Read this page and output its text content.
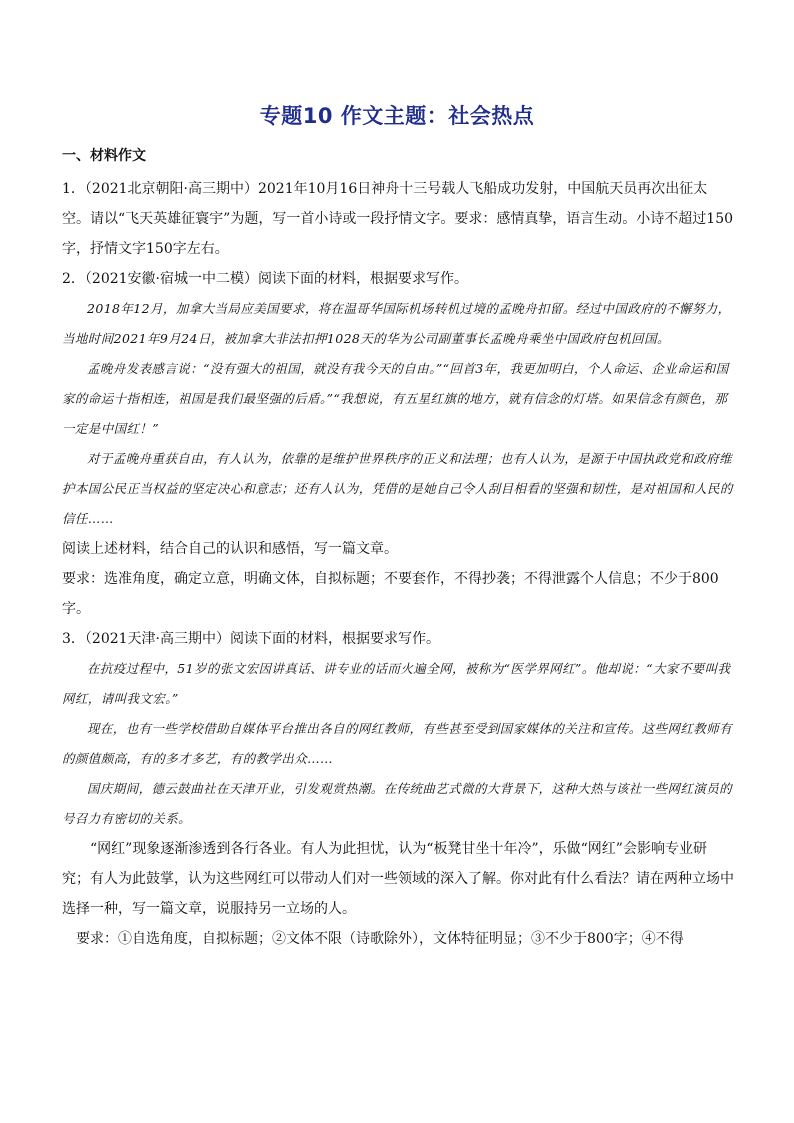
专题10 作文主题：社会热点
一、材料作文

1．（2021北京朝阳·高三期中）2021年10月16日神舟十三号载人飞船成功发射，中国航天员再次出征太空。请以“飞天英雄征寰宇”为题，写一首小诗或一段抒情文字。要求：感情真挚，语言生动。小诗不超过150字，抒情文字150字左右。

2．（2021安徽·宿城一中二模）阅读下面的材料，根据要求写作。

2018年12月，加拿大当局应美国要求，将在温哥华国际机场转机过境的孟晚舟扣留。经过中国政府的不懈努力，当地时间2021年9月24日，被加拿大非法扣押1028天的华为公司副董事长孟晚舟乘坐中国政府包机回国。

孟晚舟发表感言说：“没有强大的祖国，就没有我今天的自由。”“回首3年，我更加明白，个人命运、企业命运和国家的命运十指相连，祖国是我们最坚强的后盾。”“我想说，有五星红旗的地方，就有信念的灯塔。如果信念有颜色，那一定是中国红！”

对于孟晚舟重获自由，有人认为，依靠的是维护世界秩序的正义和法理；也有人认为，是源于中国执政党和政府维护本国公民正当权益的坚定决心和意志；还有人认为，凭借的是她自己令人刮目相看的坚强和韧性，是对祖国和人民的信任……

阅读上述材料，结合自己的认识和感悟，写一篇文章。

要求：选准角度，确定立意，明确文体，自拟标题；不要套作，不得抄袭；不得泄露个人信息；不少于800字。

3．（2021天津·高三期中）阅读下面的材料，根据要求写作。

在抗疫过程中，51岁的张文宏因讲真话、讲专业的话而火遍全网，被称为“医学界网红”。他却说：“大家不要叫我网红，请叫我文宏。”

现在，也有一些学校借助自媒体平台推出各自的网红教师，有些甚至受到国家媒体的关注和宣传。这些网红教师有的颜值颇高，有的多才多艺，有的教学出众……

国庆期间，德云鼓曲社在天津开业，引发观赏热潮。在传统曲艺式微的大背景下，这种大热与该社一些网红演员的号召力有密切的关系。

“网红”现象逐渐渗透到各行各业。有人为此担忧，认为“板凳甘坐十年冷”，乐做“网红”会影响专业研究；有人为此鼓掌，认为这些网红可以带动人们对一些领域的深入了解。你对此有什么看法？请在两种立场中选择一种，写一篇文章，说服持另一立场的人。

要求：①自选角度，自拟标题；②文体不限（诗歌除外），文体特征明显；③不少于800字；④不得
